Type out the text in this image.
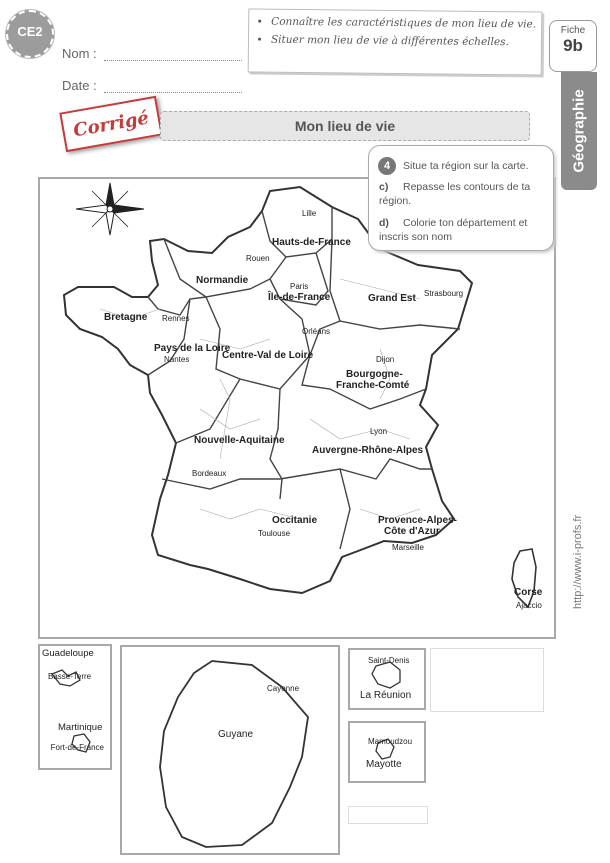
CE2
Nom :
Date :
• Connaître les caractéristiques de mon lieu de vie.
• Situer mon lieu de vie à différentes échelles.
Fiche
9b
Géographie
Corrigé	Mon lieu de vie
4	Situe ta région sur la carte.
c) Repasse les contours de ta région.
d) Colorie ton département et inscris son nom
Hauts-de-France
Normandie
Île-de-France	Grand Est
Bretagne
Pays de la Loire
Centre-Val de Loire
Bourgogne-
Franche-Comté
Nouvelle-Aquitaine
Auvergne-Rhône-Alpes
Occitanie	Provence-Alpes-
Côte d'Azur
Corse
Lille
Rouen
Paris
Strasbourg
Rennes
Orléans
Nantes	Dijon
Lyon
Bordeaux
Toulouse
Marseille
Ajaccio
Guadeloupe
Basse-Terre
Martinique
Fort-de-France
Cayenne
Guyane
Saint-Denis
La Réunion
Mamoudzou
Mayotte
http://www.i-profs.fr
